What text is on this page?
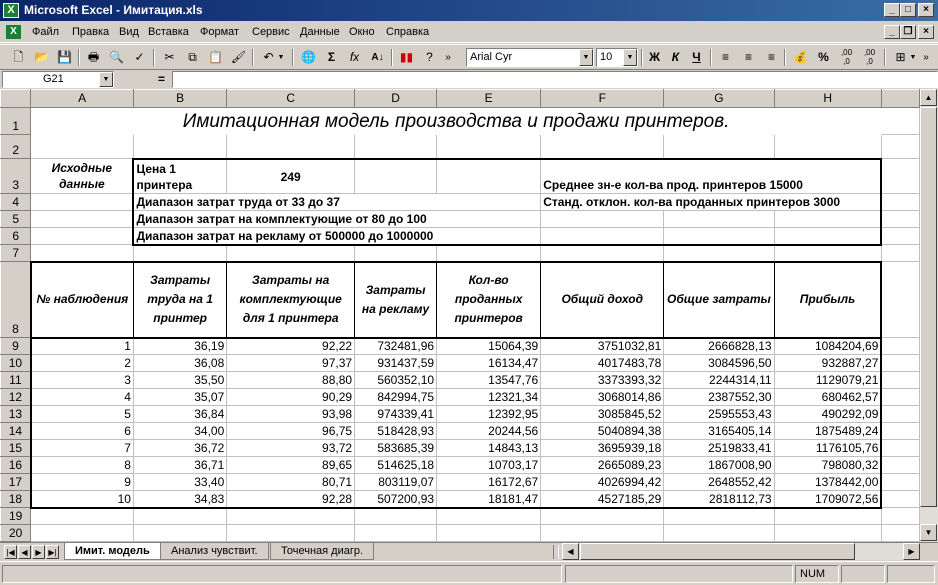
X Microsoft Excel - Имитация.xls	_	□	×
X	Файл Правка Вид Вставка Формат Сервис Данные Окно Справка	_ ❐	×
🗋 📂 💾	🖶 🔍 ✓	✂	⧉ 📋 🖌	↶ ▼ 🌐 Σ	fx	A↓	▮▮	?	»	Arial Cyr	▼ 10	▼	Ж К	Ч	≡	≡	≡	💰 %	,00
,0
,00
,0	⊞ ▼ »
G21	▼	=
	A	B	C	D	E	F	G	H	
1	Имитационная модель производства и продажи принтеров.								
2									
3	Исходные данные	Цена 1 принтера	249			Среднее зн-е кол-ва прод. принтеров 15000			
4		Диапазон затрат труда от 33 до 37				Станд. отклон. кол-ва проданных принтеров 3000			
5		Диапазон затрат на комплектующие от 80 до 100							
6		Диапазон затрат на рекламу от 500000 до 1000000							
7									
8	№ наблюдения	Затраты труда на 1 принтер	Затраты на комплектующие для 1 принтера	Затраты на рекламу	Кол-во проданных принтеров	Общий доход	Общие затраты	Прибыль	
9	1	36,19	92,22	732481,96	15064,39	3751032,81	2666828,13	1084204,69	
10	2	36,08	97,37	931437,59	16134,47	4017483,78	3084596,50	932887,27	
11	3	35,50	88,80	560352,10	13547,76	3373393,32	2244314,11	1129079,21	
12	4	35,07	90,29	842994,75	12321,34	3068014,86	2387552,30	680462,57	
13	5	36,84	93,98	974339,41	12392,95	3085845,52	2595553,43	490292,09	
14	6	34,00	96,75	518428,93	20244,56	5040894,38	3165405,14	1875489,24	
15	7	36,72	93,72	583685,39	14843,13	3695939,18	2519833,41	1176105,76	
16	8	36,71	89,65	514625,18	10703,17	2665089,23	1867008,90	798080,32	
17	9	33,40	80,71	803119,07	16172,67	4026994,42	2648552,42	1378442,00	
18	10	34,83	92,28	507200,93	18181,47	4527185,29	2818112,73	1709072,56	
19									
20									
▲
▼
|◀ ◀ ▶ ▶|	Имит. модель	Анализ чувствит.	Точечная диагр.	◀	▶
NUM
